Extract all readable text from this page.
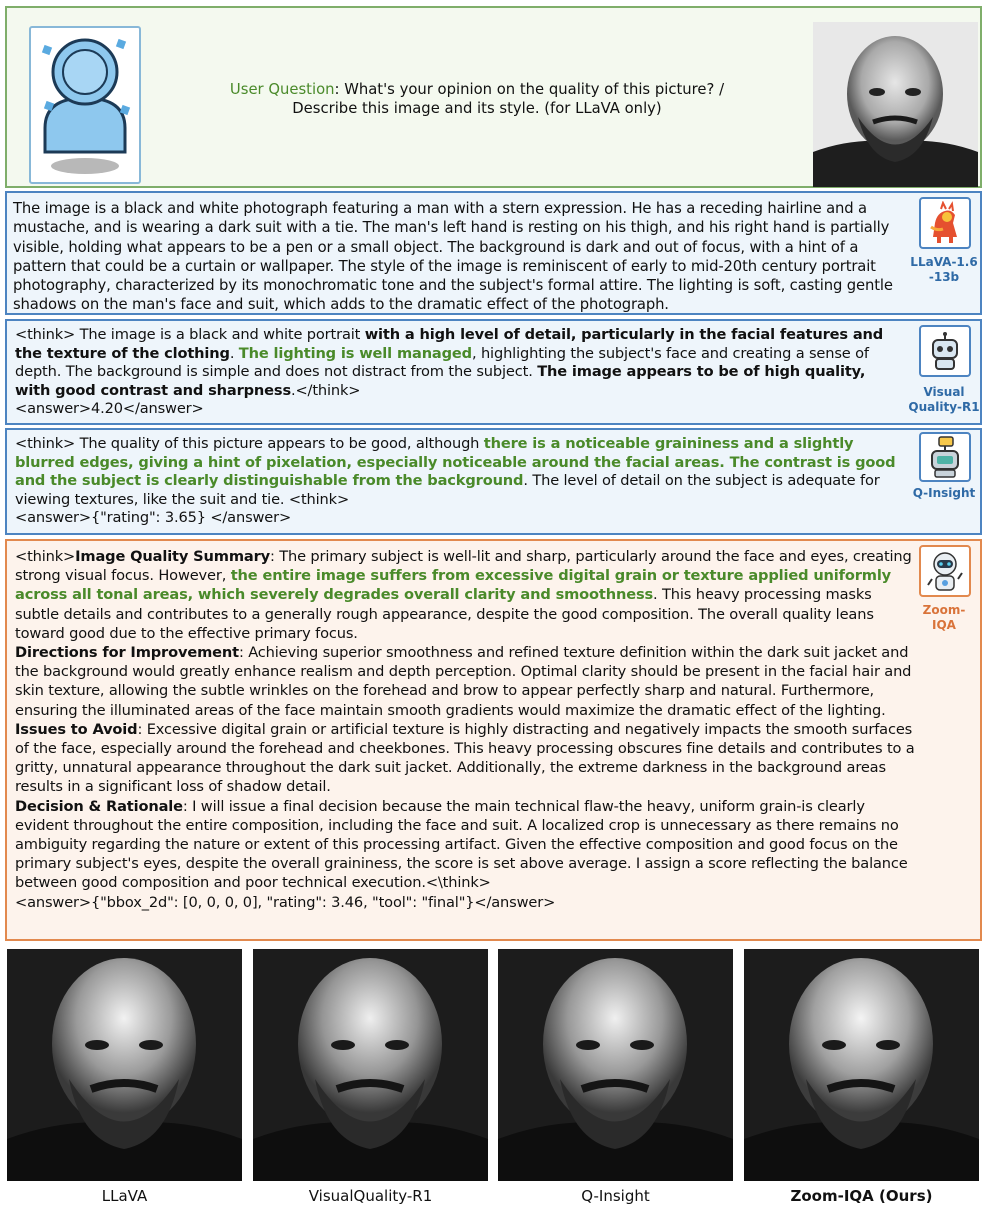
User Question: What's your opinion on the quality of this picture? /
Describe this image and its style. (for LLaVA only)
The image is a black and white photograph featuring a man with a stern expression. He has a receding hairline and a mustache, and is wearing a dark suit with a tie. The man's left hand is resting on his thigh, and his right hand is partially visible, holding what appears to be a pen or a small object. The background is dark and out of focus, with a hint of a pattern that could be a curtain or wallpaper. The style of the image is reminiscent of early to mid-20th century portrait photography, characterized by its monochromatic tone and the subject's formal attire. The lighting is soft, casting gentle shadows on the man's face and suit, which adds to the dramatic effect of the photograph.
LLaVA-1.6
-13b
<think> The image is a black and white portrait with a high level of detail, particularly in the facial features and the texture of the clothing. The lighting is well managed, highlighting the subject's face and creating a sense of depth. The background is simple and does not distract from the subject. The image appears to be of high quality, with good contrast and sharpness.</think>
<answer>4.20</answer>
Visual
Quality-R1
<think> The quality of this picture appears to be good, although there is a noticeable graininess and a slightly blurred edges, giving a hint of pixelation, especially noticeable around the facial areas. The contrast is good and the subject is clearly distinguishable from the background. The level of detail on the subject is adequate for viewing textures, like the suit and tie. <think>
<answer>{"rating": 3.65} </answer>
Q-Insight
<think>Image Quality Summary: The primary subject is well-lit and sharp, particularly around the face and eyes, creating strong visual focus. However, the entire image suffers from excessive digital grain or texture applied uniformly across all tonal areas, which severely degrades overall clarity and smoothness. This heavy processing masks subtle details and contributes to a generally rough appearance, despite the good composition. The overall quality leans toward good due to the effective primary focus.
Directions for Improvement: Achieving superior smoothness and refined texture definition within the dark suit jacket and the background would greatly enhance realism and depth perception. Optimal clarity should be present in the facial hair and skin texture, allowing the subtle wrinkles on the forehead and brow to appear perfectly sharp and natural. Furthermore, ensuring the illuminated areas of the face maintain smooth gradients would maximize the dramatic effect of the lighting.
Issues to Avoid: Excessive digital grain or artificial texture is highly distracting and negatively impacts the smooth surfaces of the face, especially around the forehead and cheekbones. This heavy processing obscures fine details and contributes to a gritty, unnatural appearance throughout the dark suit jacket. Additionally, the extreme darkness in the background areas results in a significant loss of shadow detail.
Decision & Rationale: I will issue a final decision because the main technical flaw-the heavy, uniform grain-is clearly evident throughout the entire composition, including the face and suit. A localized crop is unnecessary as there remains no ambiguity regarding the nature or extent of this processing artifact. Given the effective composition and good focus on the primary subject's eyes, despite the overall graininess, the score is set above average. I assign a score reflecting the balance between good composition and poor technical execution.<\think>
<answer>{"bbox_2d": [0, 0, 0, 0], "rating": 3.46, "tool": "final"}</answer>
Zoom-
IQA
LLaVA	VisualQuality-R1	Q-Insight	Zoom-IQA (Ours)
